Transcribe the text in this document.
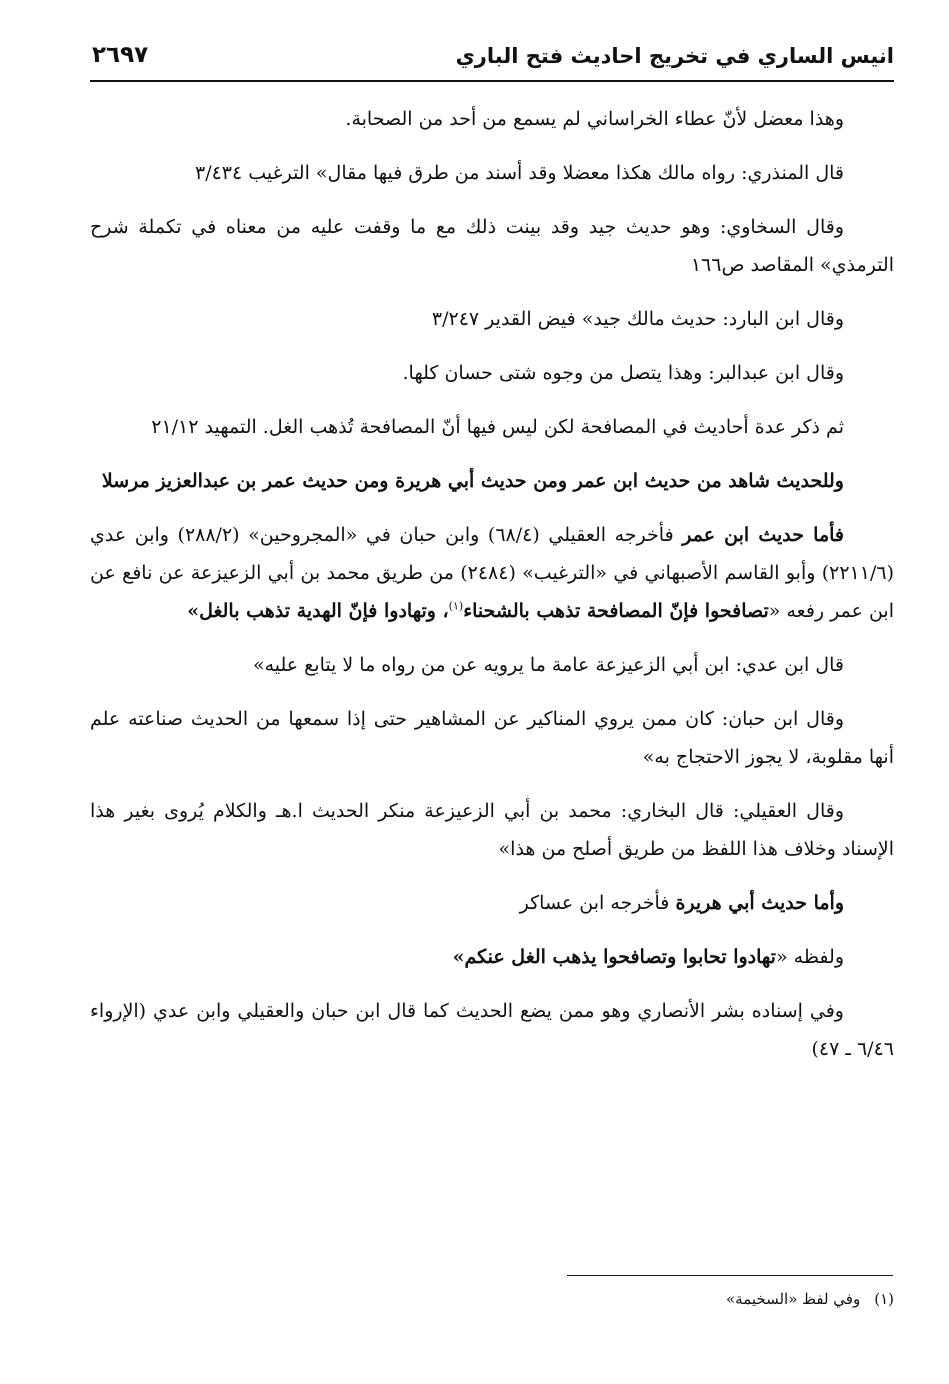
انيس الساري في تخريج احاديث فتح الباري
٢٦٩٧

وهذا معضل لأنّ عطاء الخراساني لم يسمع من أحد من الصحابة.

قال المنذري: رواه مالك هكذا معضلا وقد أسند من طرق فيها مقال» الترغيب ٣/٤٣٤

وقال السخاوي: وهو حديث جيد وقد بينت ذلك مع ما وقفت عليه من معناه في تكملة شرح الترمذي» المقاصد ص١٦٦

وقال ابن البارد: حديث مالك جيد» فيض القدير ٣/٢٤٧

وقال ابن عبدالبر: وهذا يتصل من وجوه شتى حسان كلها.

ثم ذكر عدة أحاديث في المصافحة لكن ليس فيها أنّ المصافحة تُذهب الغل. التمهيد ٢١/١٢

وللحديث شاهد من حديث ابن عمر ومن حديث أبي هريرة ومن حديث عمر بن عبدالعزيز مرسلا

فأما حديث ابن عمر فأخرجه العقيلي (٦٨/٤) وابن حبان في «المجروحين» (٢٨٨/٢) وابن عدي (٢٢١١/٦) وأبو القاسم الأصبهاني في «الترغيب» (٢٤٨٤) من طريق محمد بن أبي الزعيزعة عن نافع عن ابن عمر رفعه «تصافحوا فإنّ المصافحة تذهب بالشحناء$^{(١)}$، وتهادوا فإنّ الهدية تذهب بالغل»

قال ابن عدي: ابن أبي الزعيزعة عامة ما يرويه عن من رواه ما لا يتابع عليه»

وقال ابن حبان: كان ممن يروي المناكير عن المشاهير حتى إذا سمعها من الحديث صناعته علم أنها مقلوبة، لا يجوز الاحتجاج به»

وقال العقيلي: قال البخاري: محمد بن أبي الزعيزعة منكر الحديث ا.هـ والكلام يُروى بغير هذا الإسناد وخلاف هذا اللفظ من طريق أصلح من هذا»

وأما حديث أبي هريرة فأخرجه ابن عساكر

ولفظه «تهادوا تحابوا وتصافحوا يذهب الغل عنكم»

وفي إسناده بشر الأنصاري وهو ممن يضع الحديث كما قال ابن حبان والعقيلي وابن عدي (الإرواء ٦/٤٦ ـ ٤٧)

(١)وفي لفظ «السخيمة»
